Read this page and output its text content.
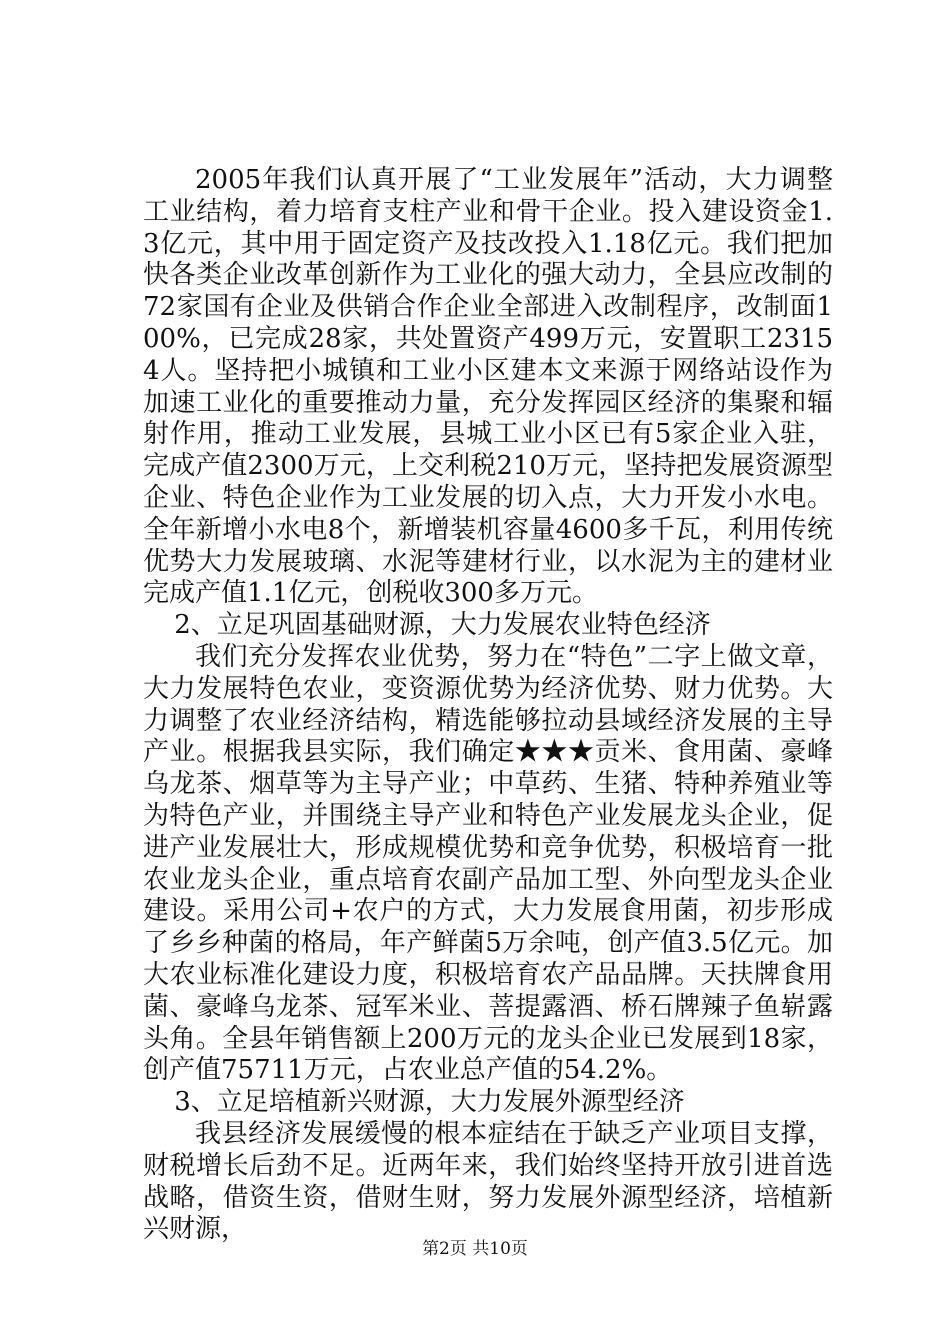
2005年我们认真开展了“工业发展年”活动，大力调整工业结构，着力培育支柱产业和骨干企业。投入建设资金1.3亿元，其中用于固定资产及技改投入1.18亿元。我们把加快各类企业改革创新作为工业化的强大动力，全县应改制的72家国有企业及供销合作企业全部进入改制程序，改制面100%，已完成28家，共处置资产499万元，安置职工23154人。坚持把小城镇和工业小区建本文来源于网络站设作为加速工业化的重要推动力量，充分发挥园区经济的集聚和辐射作用，推动工业发展，县城工业小区已有5家企业入驻，完成产值2300万元，上交利税210万元，坚持把发展资源型企业、特色企业作为工业发展的切入点，大力开发小水电。全年新增小水电8个，新增装机容量4600多千瓦，利用传统优势大力发展玻璃、水泥等建材行业，以水泥为主的建材业完成产值1.1亿元，创税收300多万元。

2、立足巩固基础财源，大力发展农业特色经济

我们充分发挥农业优势，努力在“特色”二字上做文章，大力发展特色农业，变资源优势为经济优势、财力优势。大力调整了农业经济结构，精选能够拉动县域经济发展的主导产业。根据我县实际，我们确定★★★贡米、食用菌、豪峰乌龙茶、烟草等为主导产业；中草药、生猪、特种养殖业等为特色产业，并围绕主导产业和特色产业发展龙头企业，促进产业发展壮大，形成规模优势和竞争优势，积极培育一批农业龙头企业，重点培育农副产品加工型、外向型龙头企业建设。采用公司+农户的方式，大力发展食用菌，初步形成了乡乡种菌的格局，年产鲜菌5万余吨，创产值3.5亿元。加大农业标准化建设力度，积极培育农产品品牌。天扶牌食用菌、豪峰乌龙茶、冠军米业、菩提露酒、桥石牌辣子鱼崭露头角。全县年销售额上200万元的龙头企业已发展到18家，创产值75711万元，占农业总产值的54.2%。

3、立足培植新兴财源，大力发展外源型经济

我县经济发展缓慢的根本症结在于缺乏产业项目支撑，财税增长后劲不足。近两年来，我们始终坚持开放引进首选战略，借资生资，借财生财，努力发展外源型经济，培植新兴财源，

第2页 共10页
